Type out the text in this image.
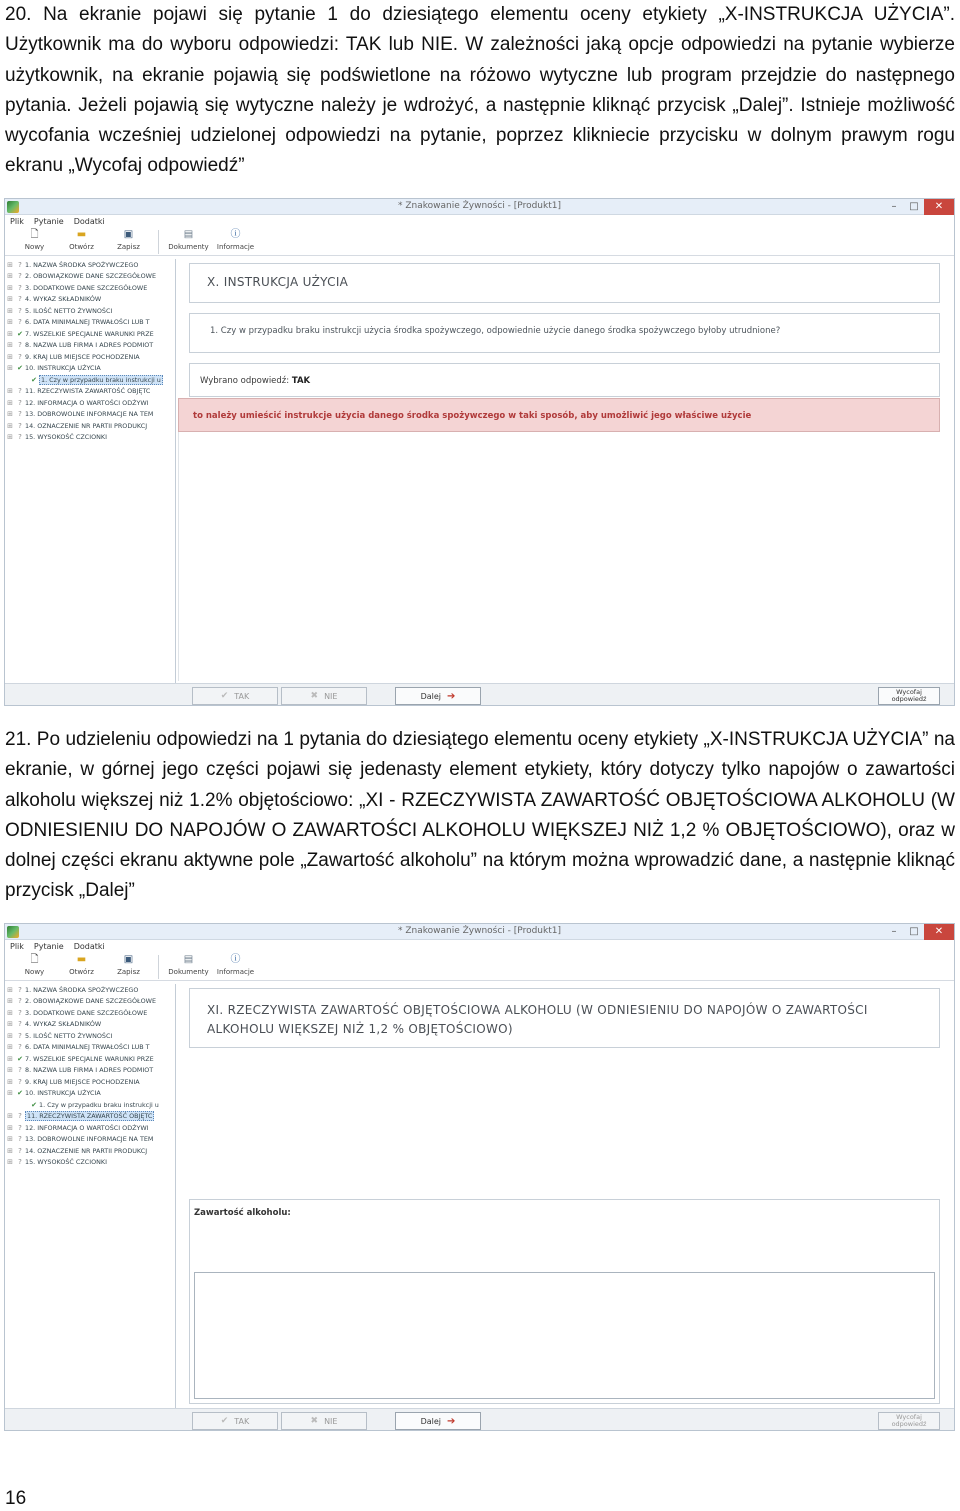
20. Na ekranie pojawi się pytanie 1 do dziesiątego elementu oceny etykiety „X-INSTRUKCJA UŻYCIA”. Użytkownik ma do wyboru odpowiedzi: TAK lub NIE. W zależności jaką opcje odpowiedzi na pytanie wybierze użytkownik, na ekranie pojawią się podświetlone na różowo wytyczne lub program przejdzie do następnego pytania. Jeżeli pojawią się wytyczne należy je wdrożyć, a następnie kliknąć przycisk „Dalej”. Istnieje możliwość wycofania wcześniej udzielonej odpowiedzi na pytanie, poprzez klikniecie przycisku w dolnym prawym rogu ekranu „Wycofaj odpowiedź”

* Znakowanie Żywności - [Produkt1]	–	□	✕
Plik Pytanie Dodatki
🗋
Nowy
▬
Otwórz
▣
Zapisz
▤
Dokumenty
ⓘ
Informacje
⊞ ? 1. NAZWA ŚRODKA SPOŻYWCZEGO
⊞ ? 2. OBOWIĄZKOWE DANE SZCZEGÓŁOWE
⊞ ? 3. DODATKOWE DANE SZCZEGÓŁOWE
⊞ ? 4. WYKAZ SKŁADNIKÓW
⊞ ? 5. ILOŚĆ NETTO ŻYWNOŚCI
⊞ ? 6. DATA MINIMALNEJ TRWAŁOŚCI LUB T
⊞ ✔ 7. WSZELKIE SPECJALNE WARUNKI PRZE
⊞ ? 8. NAZWA LUB FIRMA I ADRES PODMIOT
⊞ ? 9. KRAJ LUB MIEJSCE POCHODZENIA
⊞ ✔ 10. INSTRUKCJA UŻYCIA
✔ 1. Czy w przypadku braku instrukcji u
⊞ ? 11. RZECZYWISTA ZAWARTOŚĆ OBJĘTC
⊞ ? 12. INFORMACJA O WARTOŚCI ODŻYWI
⊞ ? 13. DOBROWOLNE INFORMACJE NA TEM
⊞ ? 14. OZNACZENIE NR PARTII PRODUKCJ
⊞ ? 15. WYSOKOŚĆ CZCIONKI
X. INSTRUKCJA UŻYCIA
1. Czy w przypadku braku instrukcji użycia środka spożywczego, odpowiednie użycie danego środka spożywczego byłoby utrudnione?
Wybrano odpowiedź: TAK
to należy umieścić instrukcje użycia danego środka spożywczego w taki sposób, aby umożliwić jego właściwe użycie
✔ TAK	✖ NIE	Dalej ➔	Wycofaj odpowiedź

21. Po udzieleniu odpowiedzi na 1 pytania do dziesiątego elementu oceny etykiety „X-INSTRUKCJA UŻYCIA” na ekranie, w górnej jego części pojawi się jedenasty element etykiety, który dotyczy tylko napojów o zawartości alkoholu większej niż 1.2% objętościowo: „XI - RZECZYWISTA ZAWARTOŚĆ OBJĘTOŚCIOWA ALKOHOLU (W ODNIESIENIU DO NAPOJÓW O ZAWARTOŚCI ALKOHOLU WIĘKSZEJ NIŻ 1,2 % OBJĘTOŚCIOWO), oraz w dolnej części ekranu aktywne pole „Zawartość alkoholu” na którym można wprowadzić dane, a następnie kliknąć przycisk „Dalej”

* Znakowanie Żywności - [Produkt1]	–	□	✕
Plik Pytanie Dodatki
🗋
Nowy
▬
Otwórz
▣
Zapisz
▤
Dokumenty
ⓘ
Informacje
⊞ ? 1. NAZWA ŚRODKA SPOŻYWCZEGO
⊞ ? 2. OBOWIĄZKOWE DANE SZCZEGÓŁOWE
⊞ ? 3. DODATKOWE DANE SZCZEGÓŁOWE
⊞ ? 4. WYKAZ SKŁADNIKÓW
⊞ ? 5. ILOŚĆ NETTO ŻYWNOŚCI
⊞ ? 6. DATA MINIMALNEJ TRWAŁOŚCI LUB T
⊞ ✔ 7. WSZELKIE SPECJALNE WARUNKI PRZE
⊞ ? 8. NAZWA LUB FIRMA I ADRES PODMIOT
⊞ ? 9. KRAJ LUB MIEJSCE POCHODZENIA
⊞ ✔ 10. INSTRUKCJA UŻYCIA
✔ 1. Czy w przypadku braku instrukcji u
⊞ ? 11. RZECZYWISTA ZAWARTOŚĆ OBJĘTC
⊞ ? 12. INFORMACJA O WARTOŚCI ODŻYWI
⊞ ? 13. DOBROWOLNE INFORMACJE NA TEM
⊞ ? 14. OZNACZENIE NR PARTII PRODUKCJ
⊞ ? 15. WYSOKOŚĆ CZCIONKI
XI. RZECZYWISTA ZAWARTOŚĆ OBJĘTOŚCIOWA ALKOHOLU (W ODNIESIENIU DO NAPOJÓW O ZAWARTOŚCI ALKOHOLU WIĘKSZEJ NIŻ 1,2 % OBJĘTOŚCIOWO)
Zawartość alkoholu:
✔ TAK	✖ NIE	Dalej ➔	Wycofaj odpowiedź
16
